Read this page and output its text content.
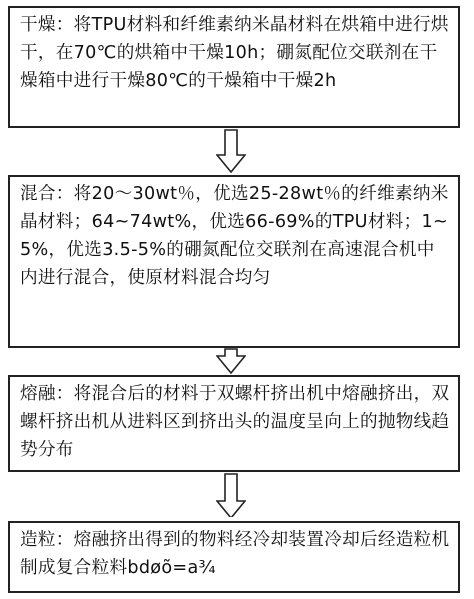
干燥：将TPU材料和纤维素纳米晶材料在烘箱中进行烘干，在70℃的烘箱中干燥10h；硼氮配位交联剂在干燥箱中进行干燥80℃的干燥箱中干燥2h

混合：将20～30wt％，优选25-28wt％的纤维素纳米晶材料；64~74wt%，优选66-69%的TPU材料；1~5%，优选3.5-5%的硼氮配位交联剂在高速混合机中内进行混合，使原材料混合均匀

熔融：将混合后的材料于双螺杆挤出机中熔融挤出，双螺杆挤出机从进料区到挤出头的温度呈向上的抛物线趋势分布

造粒：熔融挤出得到的物料经冷却装置冷却后经造粒机制成复合粒料bdøõ=a¾
